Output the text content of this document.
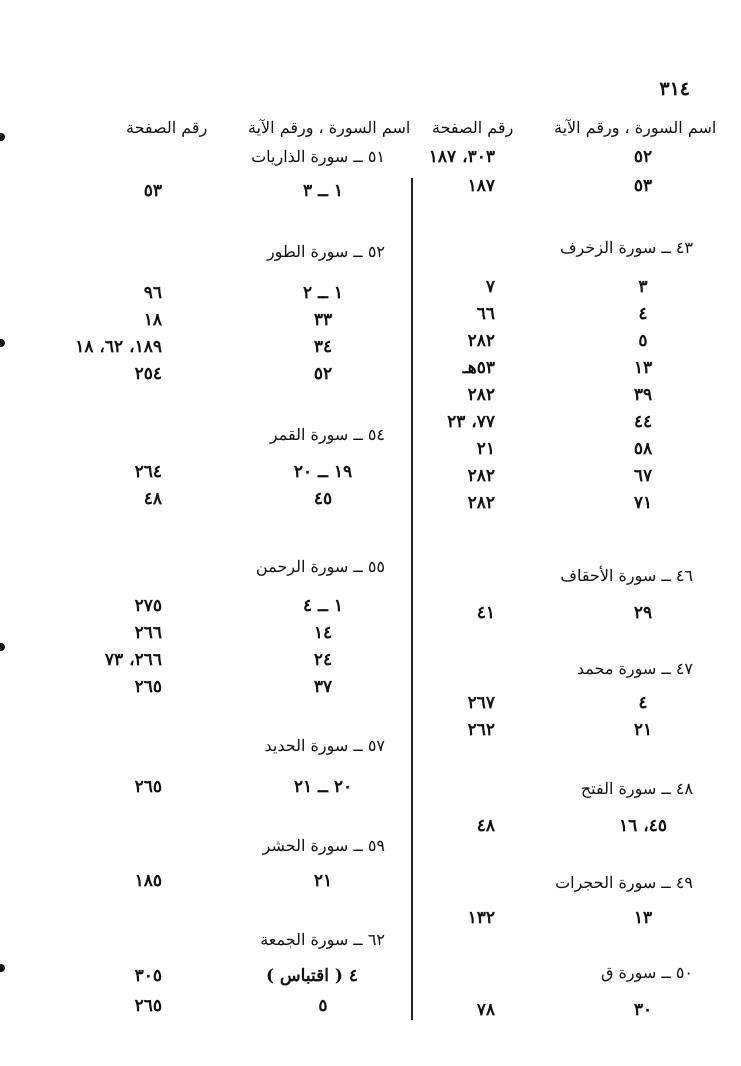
٣١٤
اسم السورة ، ورقم الآية
رقم الصفحة
اسم السورة ، ورقم الآية
رقم الصفحة
٥٢
٣٠٣، ١٨٧
٥٣
١٨٧
٤٣ ــ سورة الزخرف
٣
٧
٤
٦٦
٥
٢٨٢
١٣
٥٣هـ
٣٩
٢٨٢
٤٤
٧٧، ٢٣
٥٨
٢١
٦٧
٢٨٢
٧١
٢٨٢
٤٦ ــ سورة الأحقاف
٢٩
٤١
٤٧ ــ سورة محمد
٤
٢٦٧
٢١
٢٦٢
٤٨ ــ سورة الفتح
٤٥، ١٦
٤٨
٤٩ ــ سورة الحجرات
١٣
١٣٢
٥٠ ــ سورة ق
٣٠
٧٨
٥١ ــ سورة الذاريات
١ ــ ٣
٥٣
٥٢ ــ سورة الطور
١ ــ ٢
٩٦
٣٣
١٨
٣٤
١٨٩، ٦٢، ١٨
٥٢
٢٥٤
٥٤ ــ سورة القمر
١٩ ــ ٢٠
٢٦٤
٤٥
٤٨
٥٥ ــ سورة الرحمن
١ ــ ٤
٢٧٥
١٤
٢٦٦
٢٤
٢٦٦، ٧٣
٣٧
٢٦٥
٥٧ ــ سورة الحديد
٢٠ ــ ٢١
٢٦٥
٥٩ ــ سورة الحشر
٢١
١٨٥
٦٢ ــ سورة الجمعة
٤ ( اقتباس )
٣٠٥
٥
٢٦٥
